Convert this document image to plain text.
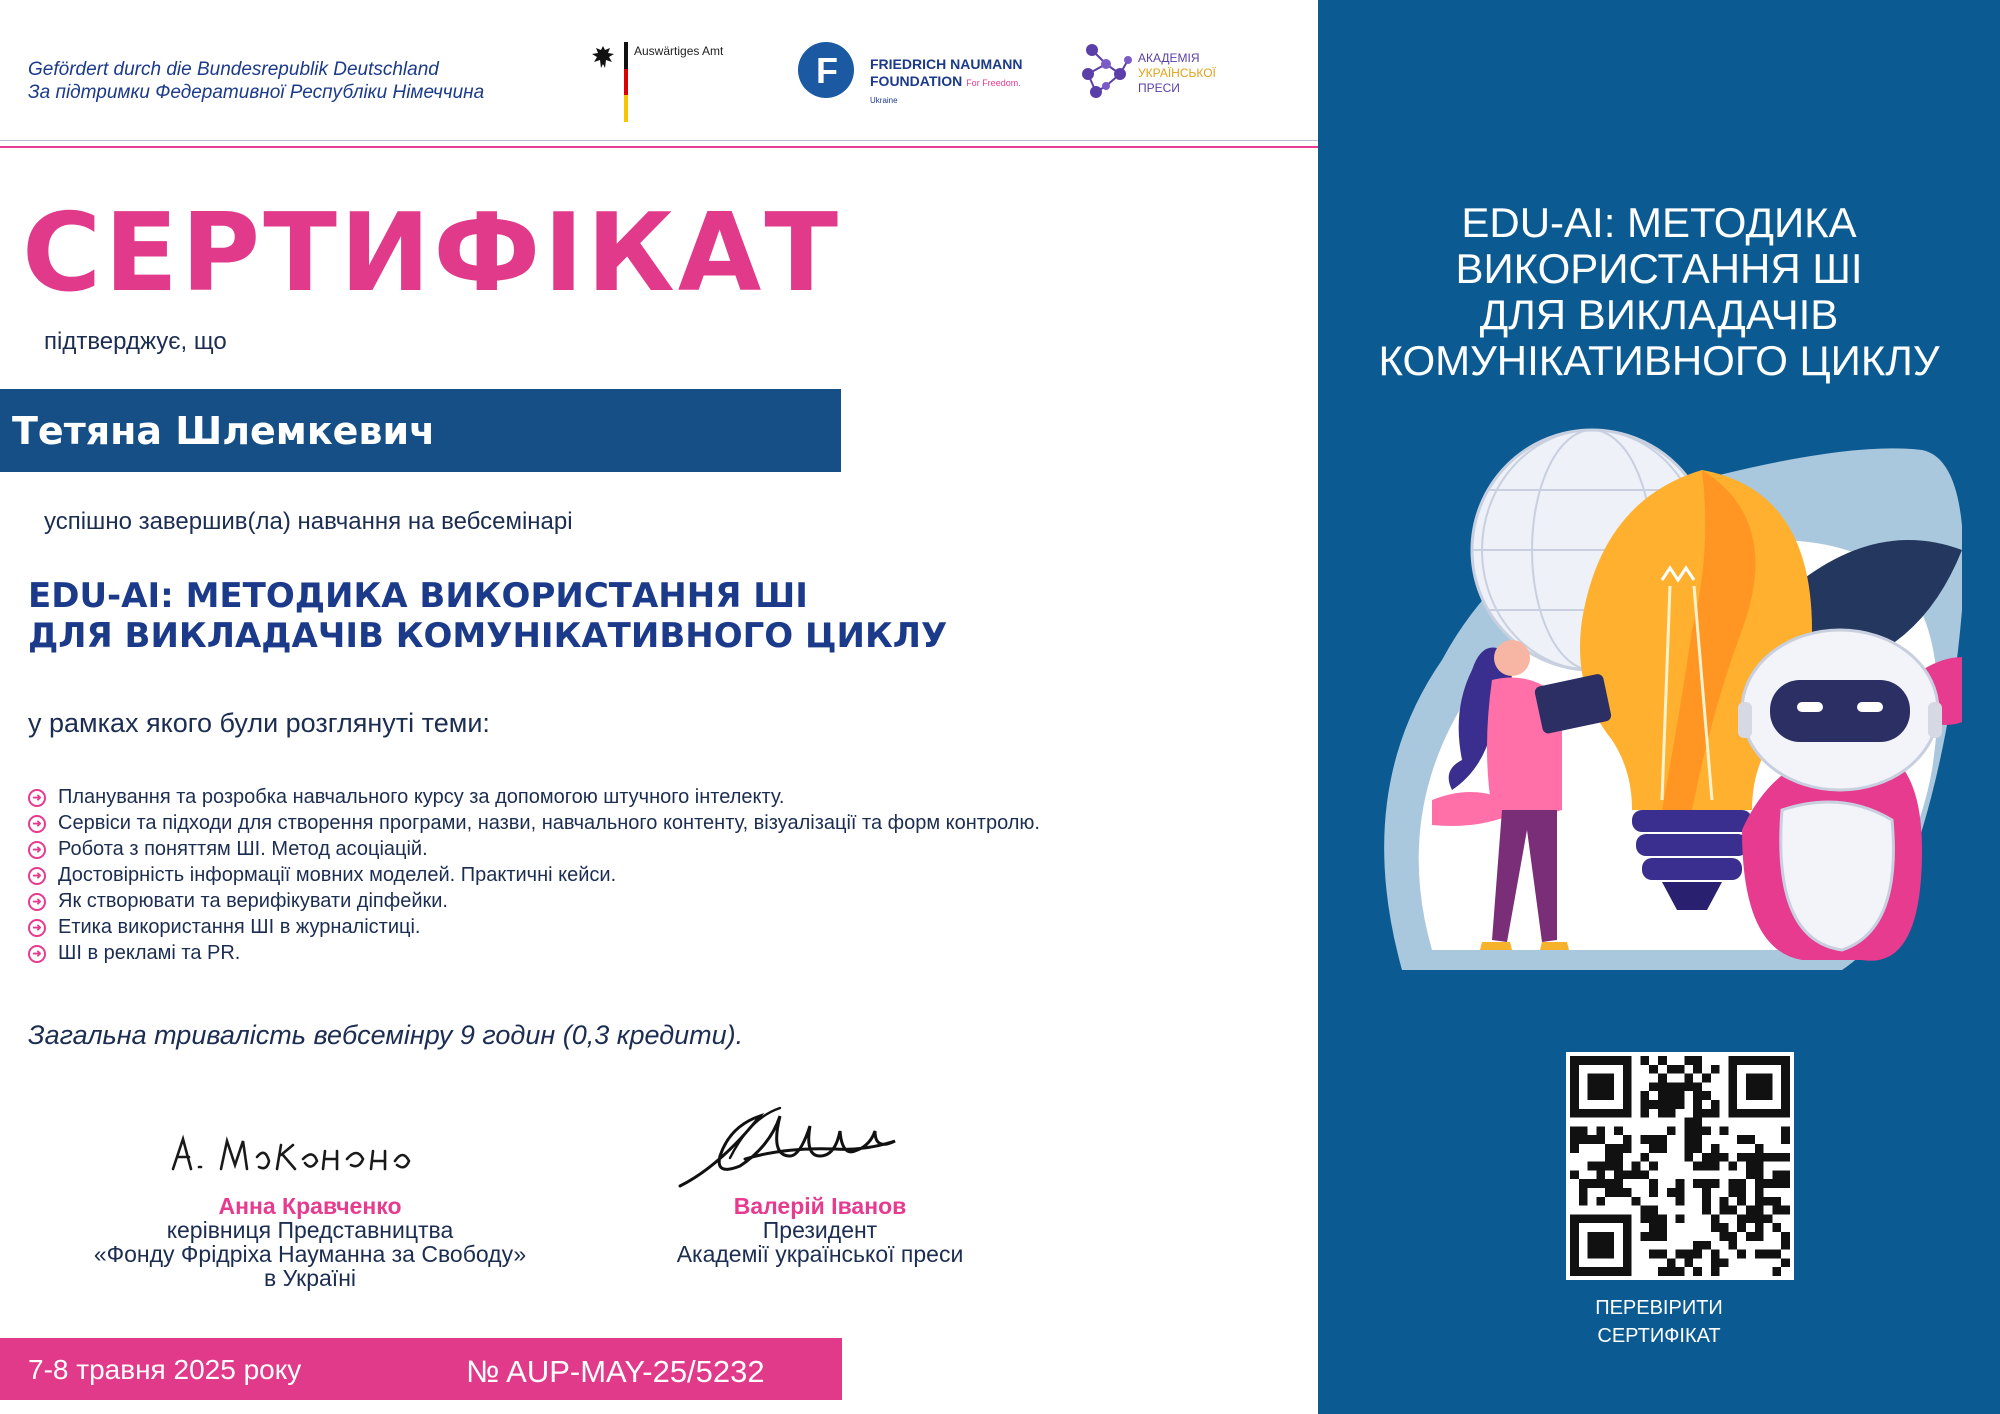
Gefördert durch die Bundesrepublik Deutschland
За підтримки Федеративної Республіки Німеччина
Auswärtiges Amt	F FRIEDRICH NAUMANN
FOUNDATION For Freedom.
Ukraine
АКАДЕМІЯ
УКРАЇНСЬКОЇ
ПРЕСИ
СЕРТИФІКАТ
підтверджує, що
Тетяна Шлемкевич
успішно завершив(ла) навчання на вебсемінарі
EDU-AI: МЕТОДИКА ВИКОРИСТАННЯ ШІ
ДЛЯ ВИКЛАДАЧІВ КОМУНІКАТИВНОГО ЦИКЛУ
у рамках якого були розглянуті теми:
➜ Планування та розробка навчального курсу за допомогою штучного інтелекту.
➜ Сервіси та підходи для створення програми, назви, навчального контенту, візуалізації та форм контролю.
➜ Робота з поняттям ШІ. Метод асоціацій.
➜ Достовірність інформації мовних моделей. Практичні кейси.
➜ Як створювати та верифікувати діпфейки.
➜ Етика використання ШІ в журналістиці.
➜ ШІ в рекламі та PR.
Загальна тривалість вебсемінру 9 годин (0,3 кредити).
Анна Кравченко
керівниця Представництва
«Фонду Фрідріха Науманна за Свободу»
в Україні
Валерій Іванов
Президент
Академії української преси
7-8 травня 2025 року	№ AUP-MAY-25/5232
EDU-AI: МЕТОДИКА
ВИКОРИСТАННЯ ШІ
ДЛЯ ВИКЛАДАЧІВ
КОМУНІКАТИВНОГО ЦИКЛУ
ПЕРЕВІРИТИ
СЕРТИФІКАТ
